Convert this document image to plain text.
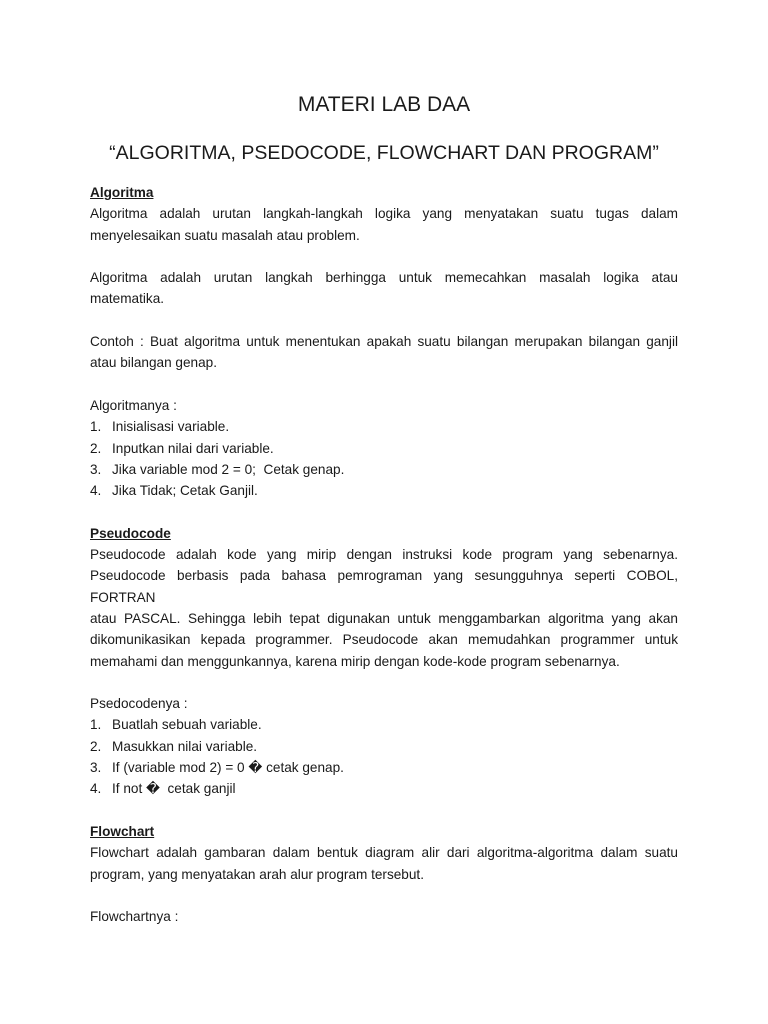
MATERI LAB DAA
“ALGORITMA, PSEDOCODE, FLOWCHART DAN PROGRAM”
Algoritma

Algoritma adalah urutan langkah-langkah logika yang menyatakan suatu tugas dalam

menyelesaikan suatu masalah atau problem.

Algoritma adalah urutan langkah berhingga untuk memecahkan masalah logika atau

matematika.

Contoh : Buat algoritma untuk menentukan apakah suatu bilangan merupakan bilangan ganjil

atau bilangan genap.

Algoritmanya :

1. Inisialisasi variable.
2. Inputkan nilai dari variable.
3. Jika variable mod 2 = 0;  Cetak genap.
4. Jika Tidak; Cetak Ganjil.
Pseudocode

Pseudocode adalah kode yang mirip dengan instruksi kode program yang sebenarnya.

Pseudocode berbasis pada bahasa pemrograman yang sesungguhnya seperti COBOL, FORTRAN

atau PASCAL. Sehingga lebih tepat digunakan untuk menggambarkan algoritma yang akan

dikomunikasikan kepada programmer. Pseudocode akan memudahkan programmer untuk

memahami dan menggunkannya, karena mirip dengan kode-kode program sebenarnya.

Psedocodenya :

1. Buatlah sebuah variable.
2. Masukkan nilai variable.
3. If (variable mod 2) = 0 � cetak genap.
4. If not �  cetak ganjil
Flowchart

Flowchart adalah gambaran dalam bentuk diagram alir dari algoritma-algoritma dalam suatu

program, yang menyatakan arah alur program tersebut.

Flowchartnya :
